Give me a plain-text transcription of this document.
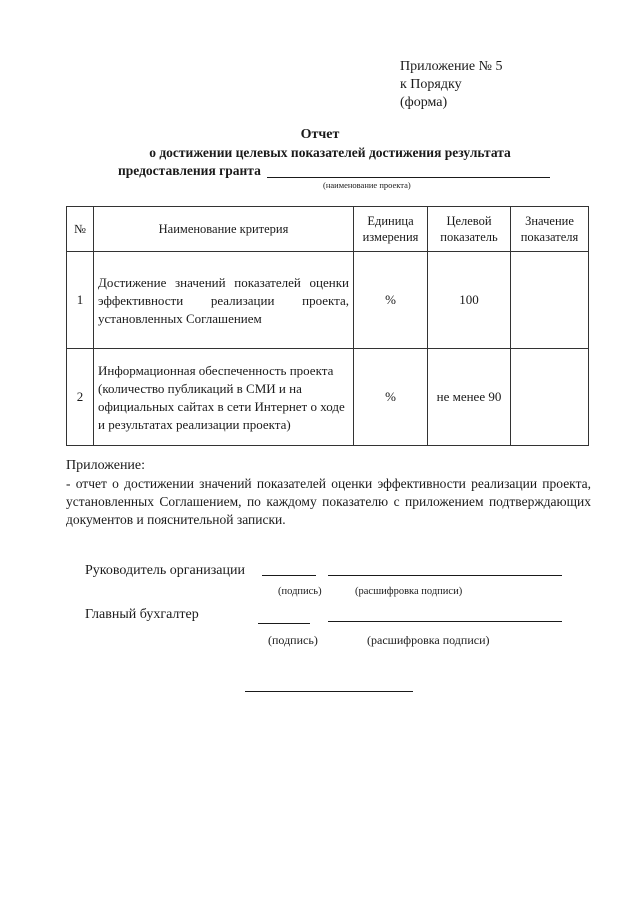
Приложение № 5
к Порядку
(форма)
Отчет
о достижении целевых показателей достижения результата
предоставления гранта
(наименование проекта)
№	Наименование критерия	Единица измерения	Целевой показатель	Значение показателя
1	Достижение значений показателей оценки эффективности реализации проекта, установленных Соглашением	%	100	
2	Информационная обеспеченность проекта (количество публикаций в СМИ и на официальных сайтах в сети Интернет о ходе и результатах реализации проекта)	%	не менее 90	
Приложение:
- отчет о достижении значений показателей оценки эффективности реализации проекта, установленных Соглашением, по каждому показателю с приложением подтверждающих документов и пояснительной записки.
Руководитель организации
(подпись)	(расшифровка подписи)
Главный бухгалтер
(подпись)	(расшифровка подписи)
